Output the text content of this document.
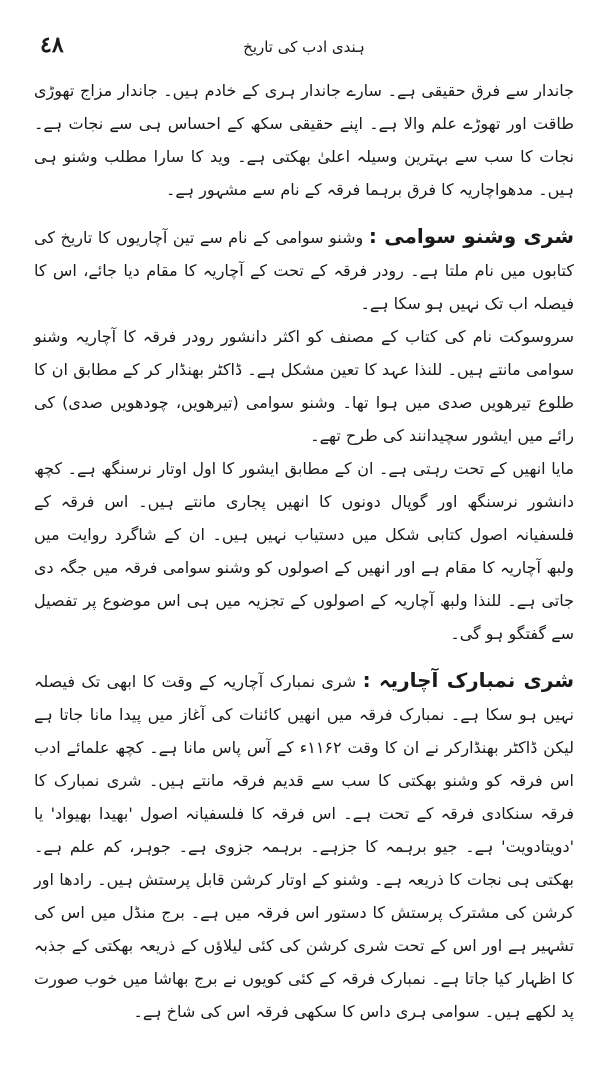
٤٨	ہندی ادب کی تاریخ

جاندار سے فرق حقیقی ہے۔ سارے جاندار ہری کے خادم ہیں۔ جاندار مزاج تھوڑی طاقت اور تھوڑے علم والا ہے۔ اپنے حقیقی سکھ کے احساس ہی سے نجات ہے۔ نجات کا سب سے بہترین وسیلہ اعلیٰ بھکتی ہے۔ وید کا سارا مطلب وشنو ہی ہیں۔ مدھواچاریہ کا فرق برہما فرقہ کے نام سے مشہور ہے۔

شری وشنو سوامی : وشنو سوامی کے نام سے تین آچاریوں کا تاریخ کی کتابوں میں نام ملتا ہے۔ رودر فرقہ کے تحت کے آچاریہ کا مقام دیا جائے، اس کا فیصلہ اب تک نہیں ہو سکا ہے۔

سروسوکت نام کی کتاب کے مصنف کو اکثر دانشور رودر فرقہ کا آچاریہ وشنو سوامی مانتے ہیں۔ للنذا عہد کا تعین مشکل ہے۔ ڈاکٹر بھنڈار کر کے مطابق ان کا طلوع تیرھویں صدی میں ہوا تھا۔ وشنو سوامی (تیرھویں، چودھویں صدی) کی رائے میں ایشور سچیدانند کی طرح تھے۔

مایا انھیں کے تحت رہتی ہے۔ ان کے مطابق ایشور کا اول اوتار نرسنگھ ہے۔ کچھ دانشور نرسنگھ اور گوپال دونوں کا انھیں پجاری مانتے ہیں۔ اس فرقہ کے فلسفیانہ اصول کتابی شکل میں دستیاب نہیں ہیں۔ ان کے شاگرد روایت میں ولبھ آچاریہ کا مقام ہے اور انھیں کے اصولوں کو وشنو سوامی فرقہ میں جگہ دی جاتی ہے۔ للنذا ولبھ آچاریہ کے اصولوں کے تجزیہ میں ہی اس موضوع پر تفصیل سے گفتگو ہو گی۔

شری نمبارک آچاریہ : شری نمبارک آچاریہ کے وقت کا ابھی تک فیصلہ نہیں ہو سکا ہے۔ نمبارک فرقہ میں انھیں کائنات کی آغاز میں پیدا مانا جاتا ہے لیکن ڈاکٹر بھنڈارکر نے ان کا وقت ۱۱۶۲ء کے آس پاس مانا ہے۔ کچھ علمائے ادب اس فرقہ کو وشنو بھکتی کا سب سے قدیم فرقہ مانتے ہیں۔ شری نمبارک کا فرقہ سنکادی فرقہ کے تحت ہے۔ اس فرقہ کا فلسفیانہ اصول 'بھیدا بھیواد' یا 'دویتادویت' ہے۔ جیو برہمہ کا جزہے۔ برہمہ جزوی ہے۔ جوہر، کم علم ہے۔ بھکتی ہی نجات کا ذریعہ ہے۔ وشنو کے اوتار کرشن قابل پرستش ہیں۔ رادھا اور کرشن کی مشترک پرستش کا دستور اس فرقہ میں ہے۔ برج منڈل میں اس کی تشہیر ہے اور اس کے تحت شری کرشن کی کئی لیلاؤں کے ذریعہ بھکتی کے جذبہ کا اظہار کیا جاتا ہے۔ نمبارک فرقہ کے کئی کویوں نے برج بھاشا میں خوب صورت پد لکھے ہیں۔ سوامی ہری داس کا سکھی فرقہ اس کی شاخ ہے۔
